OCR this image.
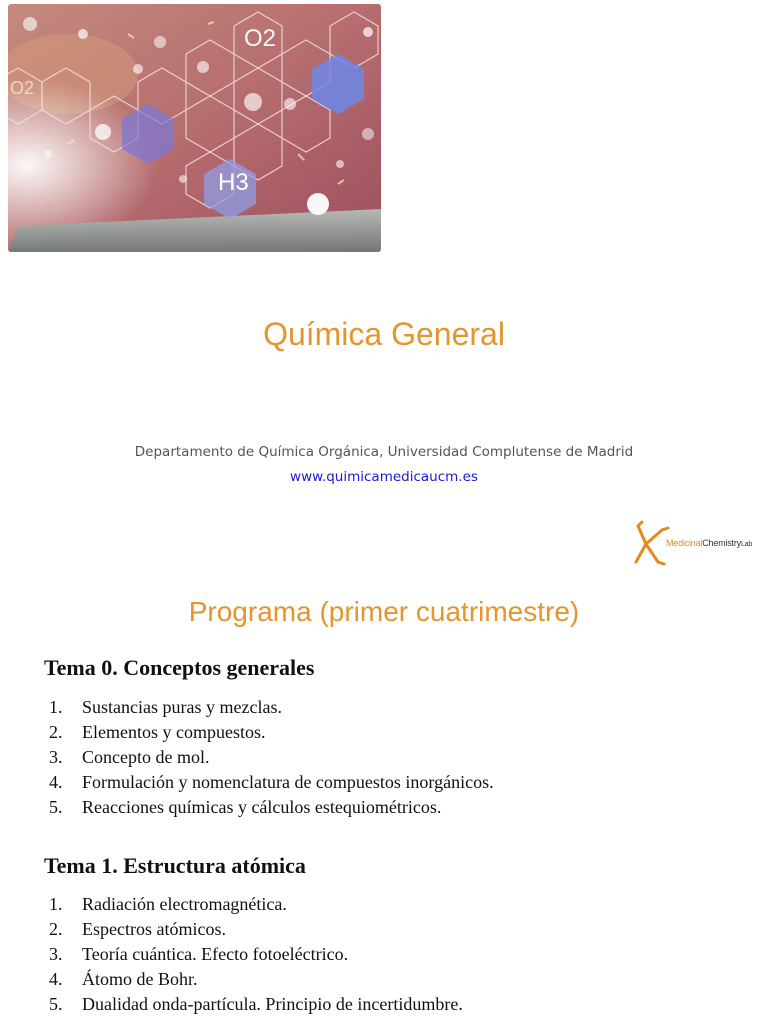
O2
H3
O2
Química General
Departamento de Química Orgánica, Universidad Complutense de Madrid
www.quimicamedicaucm.es
MedicinalChemistryLab
Programa (primer cuatrimestre)
Tema 0. Conceptos generales
1.	Sustancias puras y mezclas.
2.	Elementos y compuestos.
3.	Concepto de mol.
4.	Formulación y nomenclatura de compuestos inorgánicos.
5.	Reacciones químicas y cálculos estequiométricos.
Tema 1. Estructura atómica
1.	Radiación electromagnética.
2.	Espectros atómicos.
3.	Teoría cuántica. Efecto fotoeléctrico.
4.	Átomo de Bohr.
5.	Dualidad onda-partícula. Principio de incertidumbre.
